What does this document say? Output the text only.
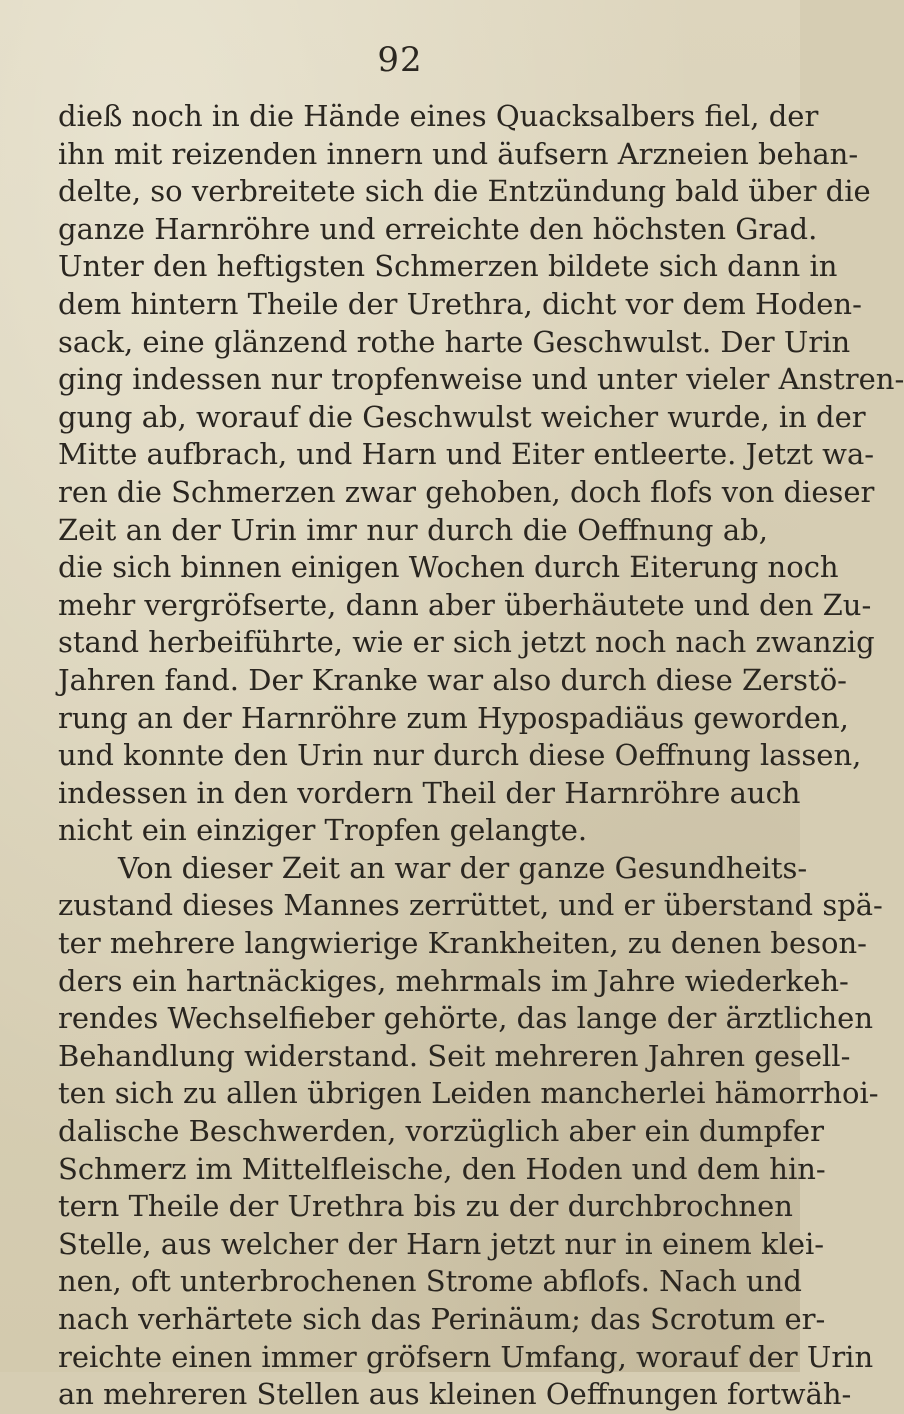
92
dieß noch in die Hände eines Quacksalbers fiel, der
ihn mit reizenden innern und äufsern Arzneien behan-
delte, so verbreitete sich die Entzündung bald über die
ganze Harnröhre und erreichte den höchsten Grad.
Unter den heftigsten Schmerzen bildete sich dann in
dem hintern Theile der Urethra, dicht vor dem Hoden-
sack, eine glänzend rothe harte Geschwulst. Der Urin
ging indessen nur tropfenweise und unter vieler Anstren-
gung ab, worauf die Geschwulst weicher wurde, in der
Mitte aufbrach, und Harn und Eiter entleerte. Jetzt wa-
ren die Schmerzen zwar gehoben, doch flofs von dieser
Zeit an der Urin imr nur durch die Oeffnung ab,
die sich binnen einigen Wochen durch Eiterung noch
mehr vergröfserte, dann aber überhäutete und den Zu-
stand herbeiführte, wie er sich jetzt noch nach zwanzig
Jahren fand. Der Kranke war also durch diese Zerstö-
rung an der Harnröhre zum Hypospadiäus geworden,
und konnte den Urin nur durch diese Oeffnung lassen,
indessen in den vordern Theil der Harnröhre auch
nicht ein einziger Tropfen gelangte.
Von dieser Zeit an war der ganze Gesundheits-
zustand dieses Mannes zerrüttet, und er überstand spä-
ter mehrere langwierige Krankheiten, zu denen beson-
ders ein hartnäckiges, mehrmals im Jahre wiederkeh-
rendes Wechselfieber gehörte, das lange der ärztlichen
Behandlung widerstand. Seit mehreren Jahren gesell-
ten sich zu allen übrigen Leiden mancherlei hämorrhoi-
dalische Beschwerden, vorzüglich aber ein dumpfer
Schmerz im Mittelfleische, den Hoden und dem hin-
tern Theile der Urethra bis zu der durchbrochnen
Stelle, aus welcher der Harn jetzt nur in einem klei-
nen, oft unterbrochenen Strome abflofs. Nach und
nach verhärtete sich das Perinäum; das Scrotum er-
reichte einen immer gröfsern Umfang, worauf der Urin
an mehreren Stellen aus kleinen Oeffnungen fortwäh-
